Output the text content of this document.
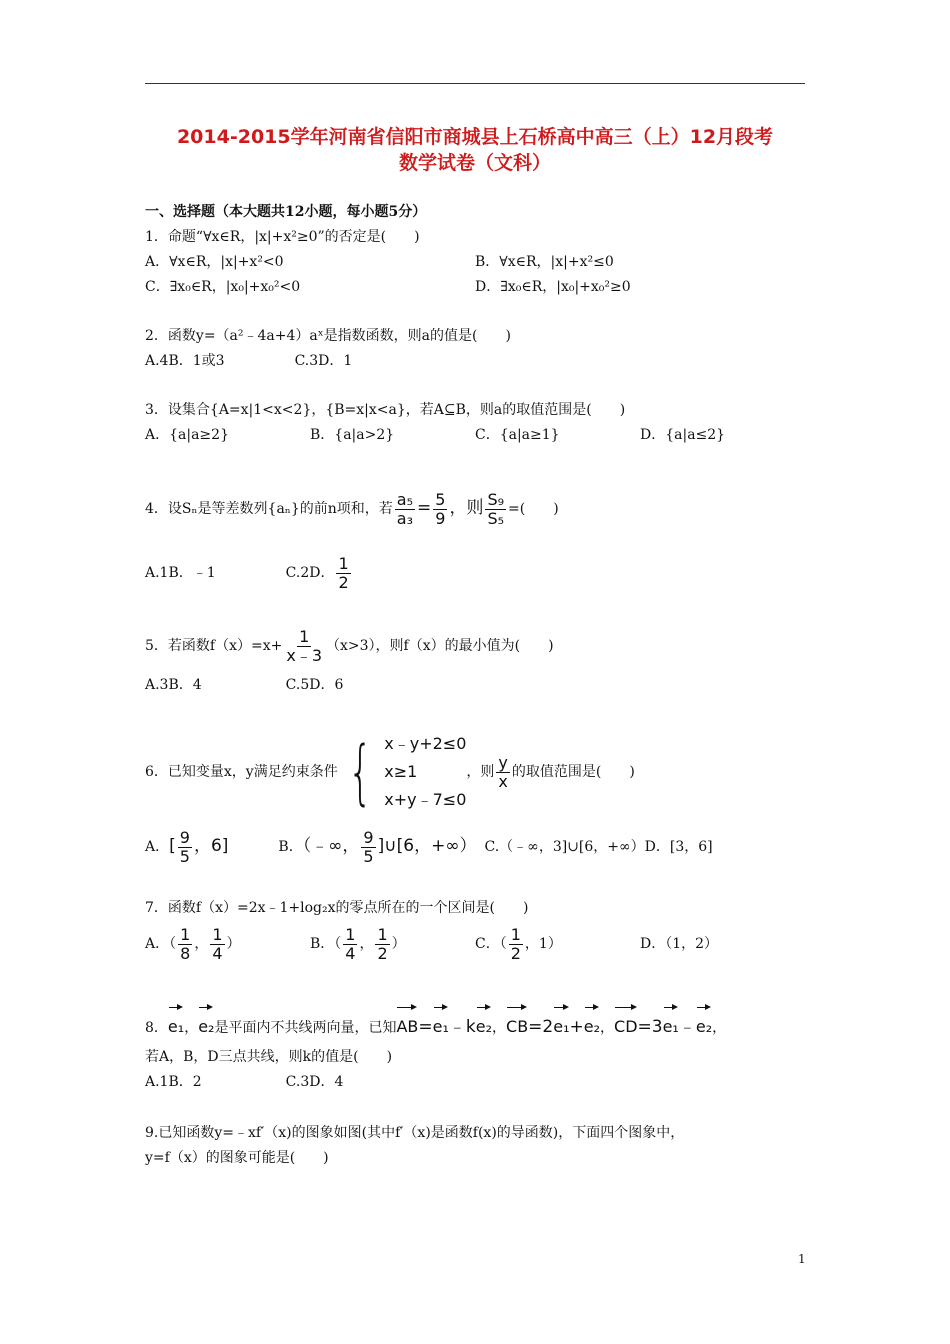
2014-2015学年河南省信阳市商城县上石桥高中高三（上）12月段考
数学试卷（文科）
一、选择题（本大题共12小题，每小题5分）
1．命题“∀x∈R，|x|+x²≥0”的否定是(　　)
A．∀x∈R，|x|+x²<0	B．∀x∈R，|x|+x²≤0
C．∃x₀∈R，|x₀|+x₀²<0	D．∃x₀∈R，|x₀|+x₀²≥0
2．函数y=（a²﹣4a+4）aˣ是指数函数，则a的值是(　　)
A.4B．1或3　　　　　C.3D．1
3．设集合{A=x|1<x<2}，{B=x|x<a}，若A⊆B，则a的取值范围是(　　)
A．{a|a≥2}	B．{a|a>2}	C．{a|a≥1}	D．{a|a≤2}
4．设Sₙ是等差数列{aₙ}的前n项和，若 $\frac{\text{a₅}}{\text{a₃}} = \frac{5}{9}$ ，则 $\frac{\text{S₉}}{\text{S₅}}$ =(　　)
A.1B．﹣1　　　　　C.2D． $\frac{1}{2}$
5．若函数$f(x)=x+ \frac{1}{x﹣3} (x>3)$，则f（x）的最小值为(　　)
A.3B．4　　　　　　C.5D．6
6．已知变量x，y满足约束条件 { x﹣y+2≤0
x≥1
x+y﹣7≤0
，则 $\frac{y}{x}$ 的取值范围是(　　)
A．[ $\frac{9}{5}$ ，6]	B．（﹣∞， $\frac{9}{5}$ ]∪[6，+∞） C.（﹣∞，3]∪[6，+∞）D．[3，6]
7．函数f（x）=2x﹣1+log₂x的零点所在的一个区间是(　　)
A．（ $\frac{1}{8}$ ， $\frac{1}{4}$ ）	B．（ $\frac{1}{4}$ ， $\frac{1}{2}$ ）	C．（ $\frac{1}{2}$ ，1）	D．（1，2）
8．e₁，e₂是平面内不共线两向量，已知AB=e₁﹣ke₂，CB=2e₁+e₂，CD=3e₁﹣e₂，
若A，B，D三点共线，则k的值是(　　)
A.1B．2　　　　　　C.3D．4
9.已知函数y=﹣xf′（x)的图象如图(其中f′（x)是函数f(x)的导函数)，下面四个图象中，
y=f（x）的图象可能是(　　)
1
